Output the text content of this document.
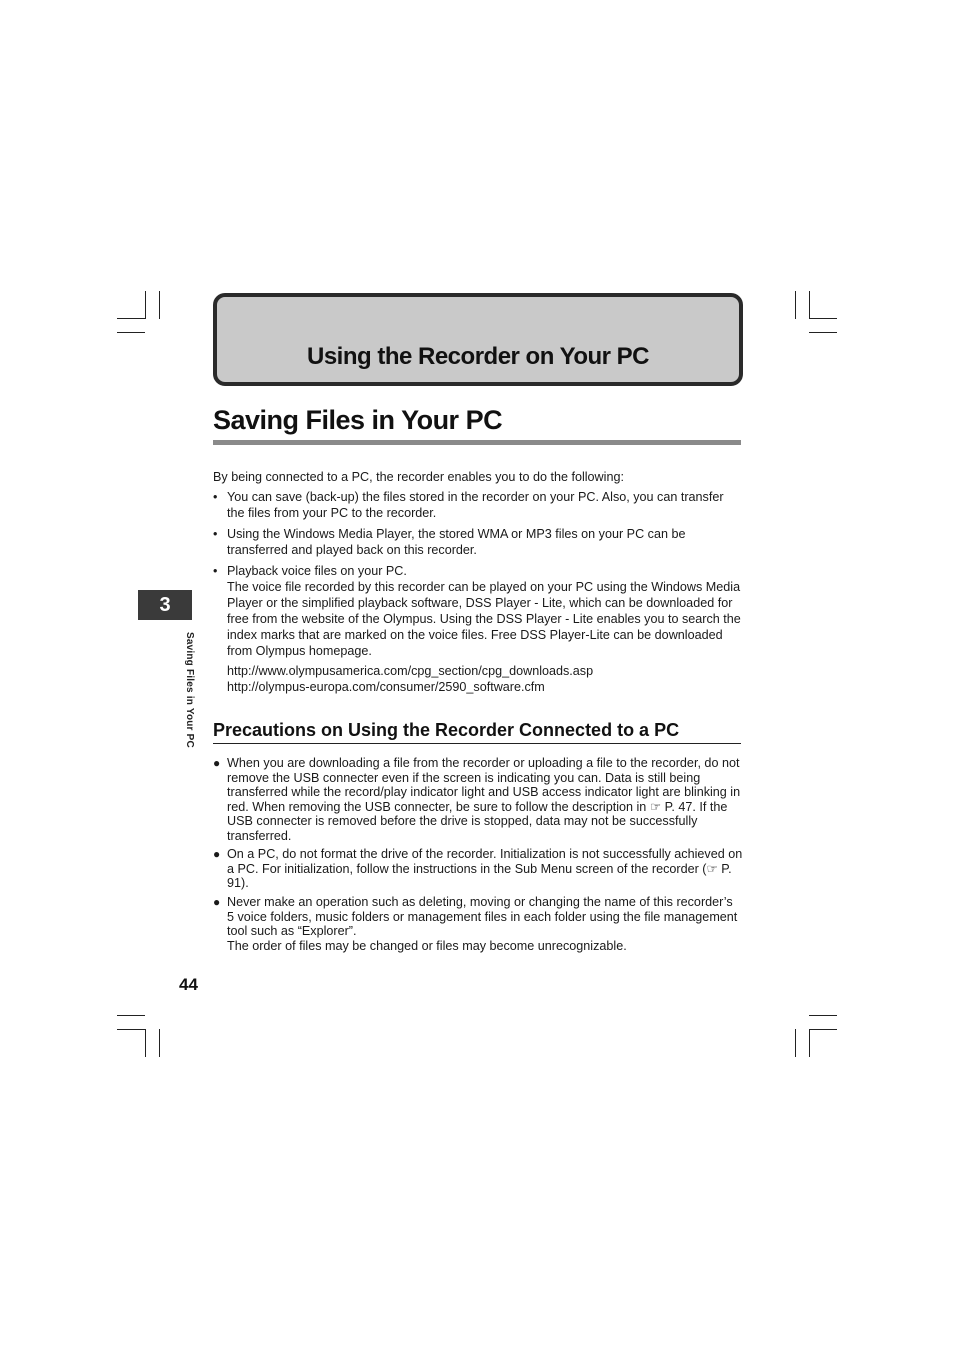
Using the Recorder on Your PC
Saving Files in Your PC
By being connected to a PC, the recorder enables you to do the following:
• You can save (back-up) the files stored in the recorder on your PC. Also, you can transfer the files from your PC to the recorder.
• Using the Windows Media Player, the stored WMA or MP3 files on your PC can be transferred and played back on this recorder.
• Playback voice files on your PC.
The voice file recorded by this recorder can be played on your PC using the Windows Media Player or the simplified playback software, DSS Player - Lite, which can be downloaded for free from the website of the Olympus. Using the DSS Player - Lite enables you to search the index marks that are marked on the voice files. Free DSS Player-Lite can be downloaded from Olympus homepage.
http://www.olympusamerica.com/cpg_section/cpg_downloads.asp
http://olympus-europa.com/consumer/2590_software.cfm
Precautions on Using the Recorder Connected to a PC
● When you are downloading a file from the recorder or uploading a file to the recorder, do not remove the USB connecter even if the screen is indicating you can. Data is still being transferred while the record/play indicator light and USB access indicator light are blinking in red. When removing the USB connecter, be sure to follow the description in ☞ P. 47. If the USB connecter is removed before the drive is stopped, data may not be successfully transferred.
● On a PC, do not format the drive of the recorder. Initialization is not successfully achieved on a PC. For initialization, follow the instructions in the Sub Menu screen of the recorder (☞ P. 91).
● Never make an operation such as deleting, moving or changing the name of this recorder’s 5 voice folders, music folders or management files in each folder using the file management tool such as “Explorer”.
The order of files may be changed or files may become unrecognizable.
3
Saving Files in Your PC
44
